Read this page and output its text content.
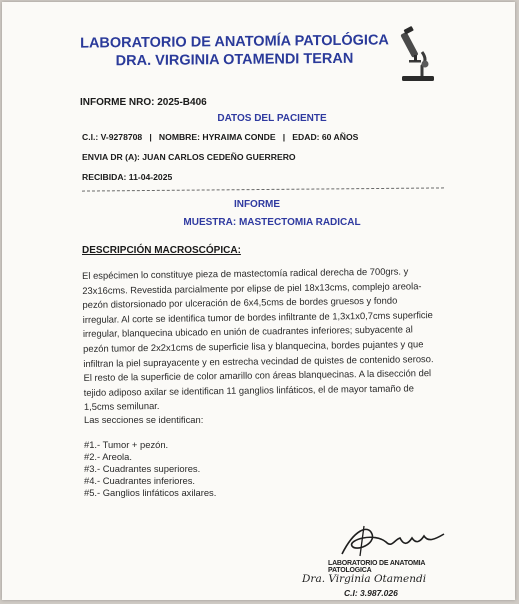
LABORATORIO DE ANATOMÍA PATOLÓGICA
DRA. VIRGINIA OTAMENDI TERAN
INFORME NRO: 2025-B406
DATOS DEL PACIENTE
C.I.: V-9278708   |   NOMBRE: HYRAIMA CONDE   |   EDAD: 60 AÑOS
ENVIA DR (A): JUAN CARLOS CEDEÑO GUERRERO
RECIBIDA: 11-04-2025
INFORME
MUESTRA: MASTECTOMIA RADICAL
DESCRIPCIÓN MACROSCÓPICA:
El espécimen lo constituye pieza de mastectomía radical derecha de 700grs. y
23x16cms. Revestida parcialmente por elipse de piel 18x13cms, complejo areola-
pezón distorsionado por ulceración de 6x4,5cms de bordes gruesos y fondo
irregular. Al corte se identifica tumor de bordes infiltrante de 1,3x1x0,7cms superficie
irregular, blanquecina ubicado en unión de cuadrantes inferiores; subyacente al
pezón tumor de 2x2x1cms de superficie lisa y blanquecina, bordes pujantes y que
infiltran la piel suprayacente y en estrecha vecindad de quistes de contenido seroso.
El resto de la superficie de color amarillo con áreas blanquecinas. A la disección del
tejido adiposo axilar se identifican 11 ganglios linfáticos, el de mayor tamaño de
1,5cms semilunar.
Las secciones se identifican:
#1.- Tumor + pezón.
#2.- Areola.
#3.- Cuadrantes superiores.
#4.- Cuadrantes inferiores.
#5.- Ganglios linfáticos axilares.
LABORATORIO DE ANATOMIA PATOLOGICA
Dra. Virginia Otamendi
C.I: 3.987.026
